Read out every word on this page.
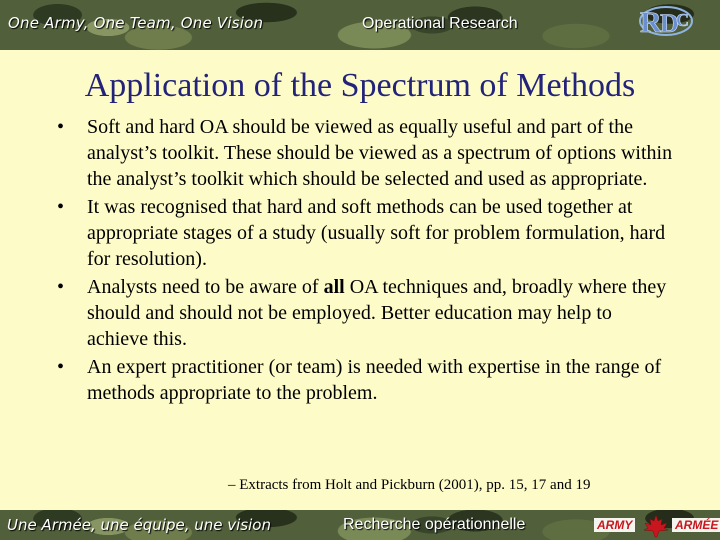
One Army, One Team, One Vision	Operational Research	R
D
C
Application of the Spectrum of Methods
• Soft and hard OA should be viewed as equally useful and part of the analyst’s toolkit. These should be viewed as a spectrum of options within the analyst’s toolkit which should be selected and used as appropriate.
• It was recognised that hard and soft methods can be used together at appropriate stages of a study (usually soft for problem formulation, hard for resolution).
• Analysts need to be aware of all OA techniques and, broadly where they should and should not be employed. Better education may help to achieve this.
• An expert practitioner (or team) is needed with expertise in the range of methods appropriate to the problem.
– Extracts from Holt and Pickburn (2001), pp. 15, 17 and 19
Une Armée, une équipe, une vision	Recherche opérationnelle	ARMY	ARMÉE
